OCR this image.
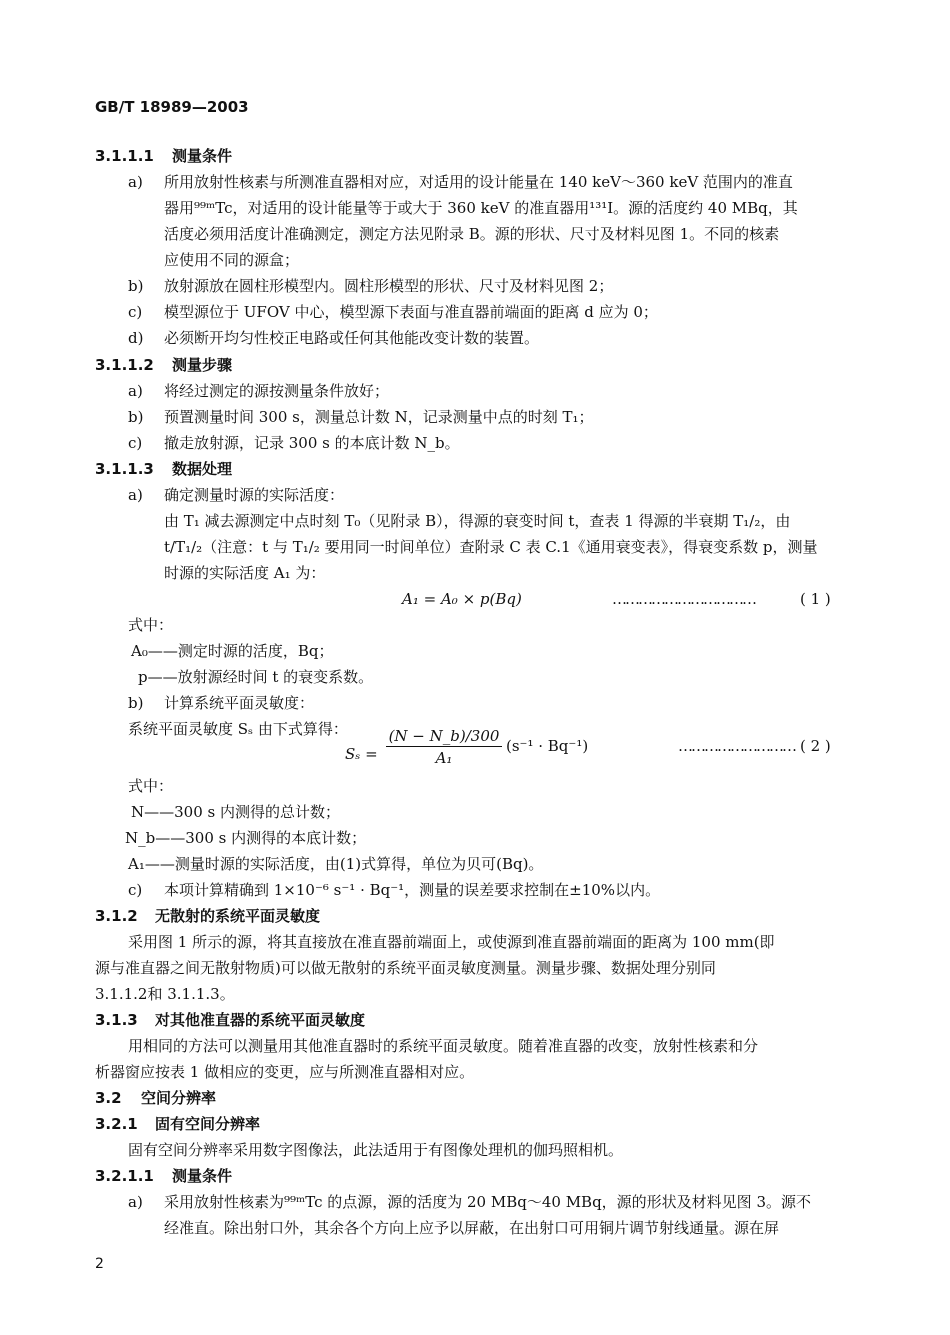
GB/T 18989—2003
3.1.1.1 测量条件
a) 所用放射性核素与所测准直器相对应，对适用的设计能量在 140 keV～360 keV 范围内的准直
器用⁹⁹ᵐTc，对适用的设计能量等于或大于 360 keV 的准直器用¹³¹I。源的活度约 40 MBq，其
活度必须用活度计准确测定，测定方法见附录 B。源的形状、尺寸及材料见图 1。不同的核素
应使用不同的源盒；
b) 放射源放在圆柱形模型内。圆柱形模型的形状、尺寸及材料见图 2；
c) 模型源位于 UFOV 中心，模型源下表面与准直器前端面的距离 d 应为 0；
d) 必须断开均匀性校正电路或任何其他能改变计数的装置。
3.1.1.2 测量步骤
a) 将经过测定的源按测量条件放好；
b) 预置测量时间 300 s，测量总计数 N，记录测量中点的时刻 T₁；
c) 撤走放射源，记录 300 s 的本底计数 N_b。
3.1.1.3 数据处理
a) 确定测量时源的实际活度：
由 T₁ 减去源测定中点时刻 T₀（见附录 B），得源的衰变时间 t，查表 1 得源的半衰期 T₁/₂，由
t/T₁/₂（注意：t 与 T₁/₂ 要用同一时间单位）查附录 C 表 C.1《通用衰变表》，得衰变系数 p，测量
时源的实际活度 A₁ 为：
A₁ = A₀ × p(Bq)	……………………………	( 1 )
式中：
A₀——测定时源的活度，Bq；
p——放射源经时间 t 的衰变系数。
b) 计算系统平面灵敏度：
系统平面灵敏度 Sₛ 由下式算得：
Sₛ =
(N − N_b)/300
A₁
(s⁻¹ · Bq⁻¹)	……………………… ( 2 )
式中：
N——300 s 内测得的总计数；
N_b——300 s 内测得的本底计数；
A₁——测量时源的实际活度，由(1)式算得，单位为贝可(Bq)。
c) 本项计算精确到 1×10⁻⁶ s⁻¹ · Bq⁻¹，测量的误差要求控制在±10%以内。
3.1.2 无散射的系统平面灵敏度
采用图 1 所示的源，将其直接放在准直器前端面上，或使源到准直器前端面的距离为 100 mm(即
源与准直器之间无散射物质)可以做无散射的系统平面灵敏度测量。测量步骤、数据处理分别同
3.1.1.2和 3.1.1.3。
3.1.3 对其他准直器的系统平面灵敏度
用相同的方法可以测量用其他准直器时的系统平面灵敏度。随着准直器的改变，放射性核素和分
析器窗应按表 1 做相应的变更，应与所测准直器相对应。
3.2 空间分辨率
3.2.1 固有空间分辨率
固有空间分辨率采用数字图像法，此法适用于有图像处理机的伽玛照相机。
3.2.1.1 测量条件
a) 采用放射性核素为⁹⁹ᵐTc 的点源，源的活度为 20 MBq～40 MBq，源的形状及材料见图 3。源不
经准直。除出射口外，其余各个方向上应予以屏蔽，在出射口可用铜片调节射线通量。源在屏
2
